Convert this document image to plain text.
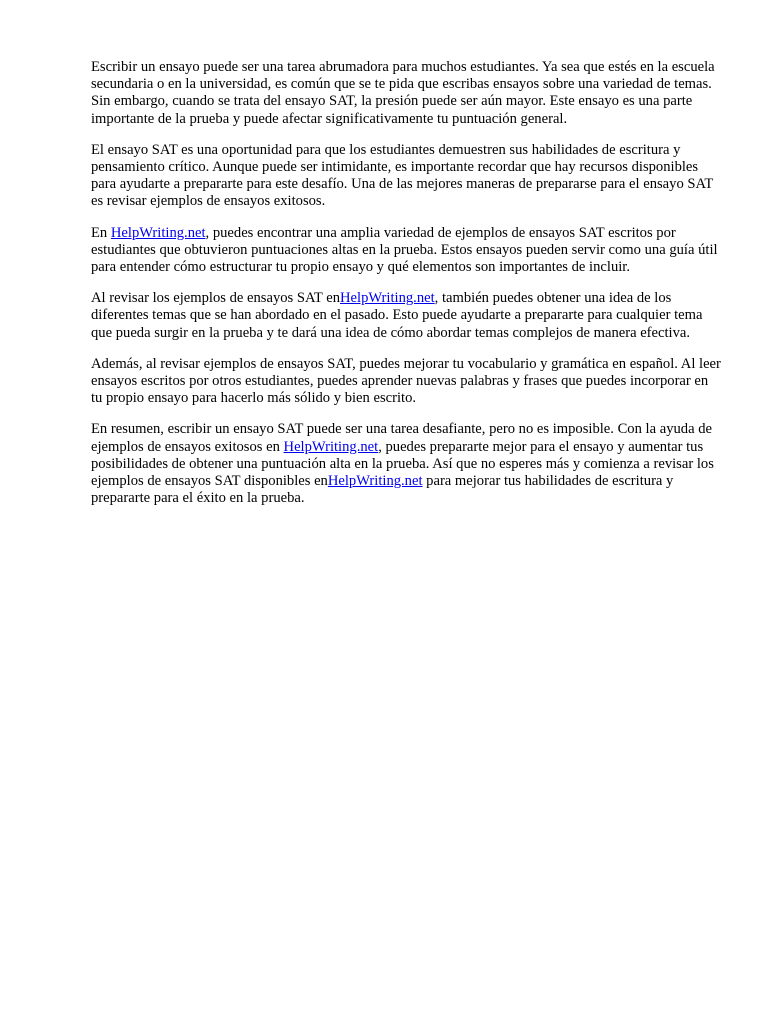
Escribir un ensayo puede ser una tarea abrumadora para muchos estudiantes. Ya sea que estés en la escuela secundaria o en la universidad, es común que se te pida que escribas ensayos sobre una variedad de temas. Sin embargo, cuando se trata del ensayo SAT, la presión puede ser aún mayor. Este ensayo es una parte importante de la prueba y puede afectar significativamente tu puntuación general.

El ensayo SAT es una oportunidad para que los estudiantes demuestren sus habilidades de escritura y pensamiento crítico. Aunque puede ser intimidante, es importante recordar que hay recursos disponibles para ayudarte a prepararte para este desafío. Una de las mejores maneras de prepararse para el ensayo SAT es revisar ejemplos de ensayos exitosos.

En HelpWriting.net, puedes encontrar una amplia variedad de ejemplos de ensayos SAT escritos por estudiantes que obtuvieron puntuaciones altas en la prueba. Estos ensayos pueden servir como una guía útil para entender cómo estructurar tu propio ensayo y qué elementos son importantes de incluir.

Al revisar los ejemplos de ensayos SAT enHelpWriting.net, también puedes obtener una idea de los diferentes temas que se han abordado en el pasado. Esto puede ayudarte a prepararte para cualquier tema que pueda surgir en la prueba y te dará una idea de cómo abordar temas complejos de manera efectiva.

Además, al revisar ejemplos de ensayos SAT, puedes mejorar tu vocabulario y gramática en español. Al leer ensayos escritos por otros estudiantes, puedes aprender nuevas palabras y frases que puedes incorporar en tu propio ensayo para hacerlo más sólido y bien escrito.

En resumen, escribir un ensayo SAT puede ser una tarea desafiante, pero no es imposible. Con la ayuda de ejemplos de ensayos exitosos en HelpWriting.net, puedes prepararte mejor para el ensayo y aumentar tus posibilidades de obtener una puntuación alta en la prueba. Así que no esperes más y comienza a revisar los ejemplos de ensayos SAT disponibles enHelpWriting.net para mejorar tus habilidades de escritura y prepararte para el éxito en la prueba.
